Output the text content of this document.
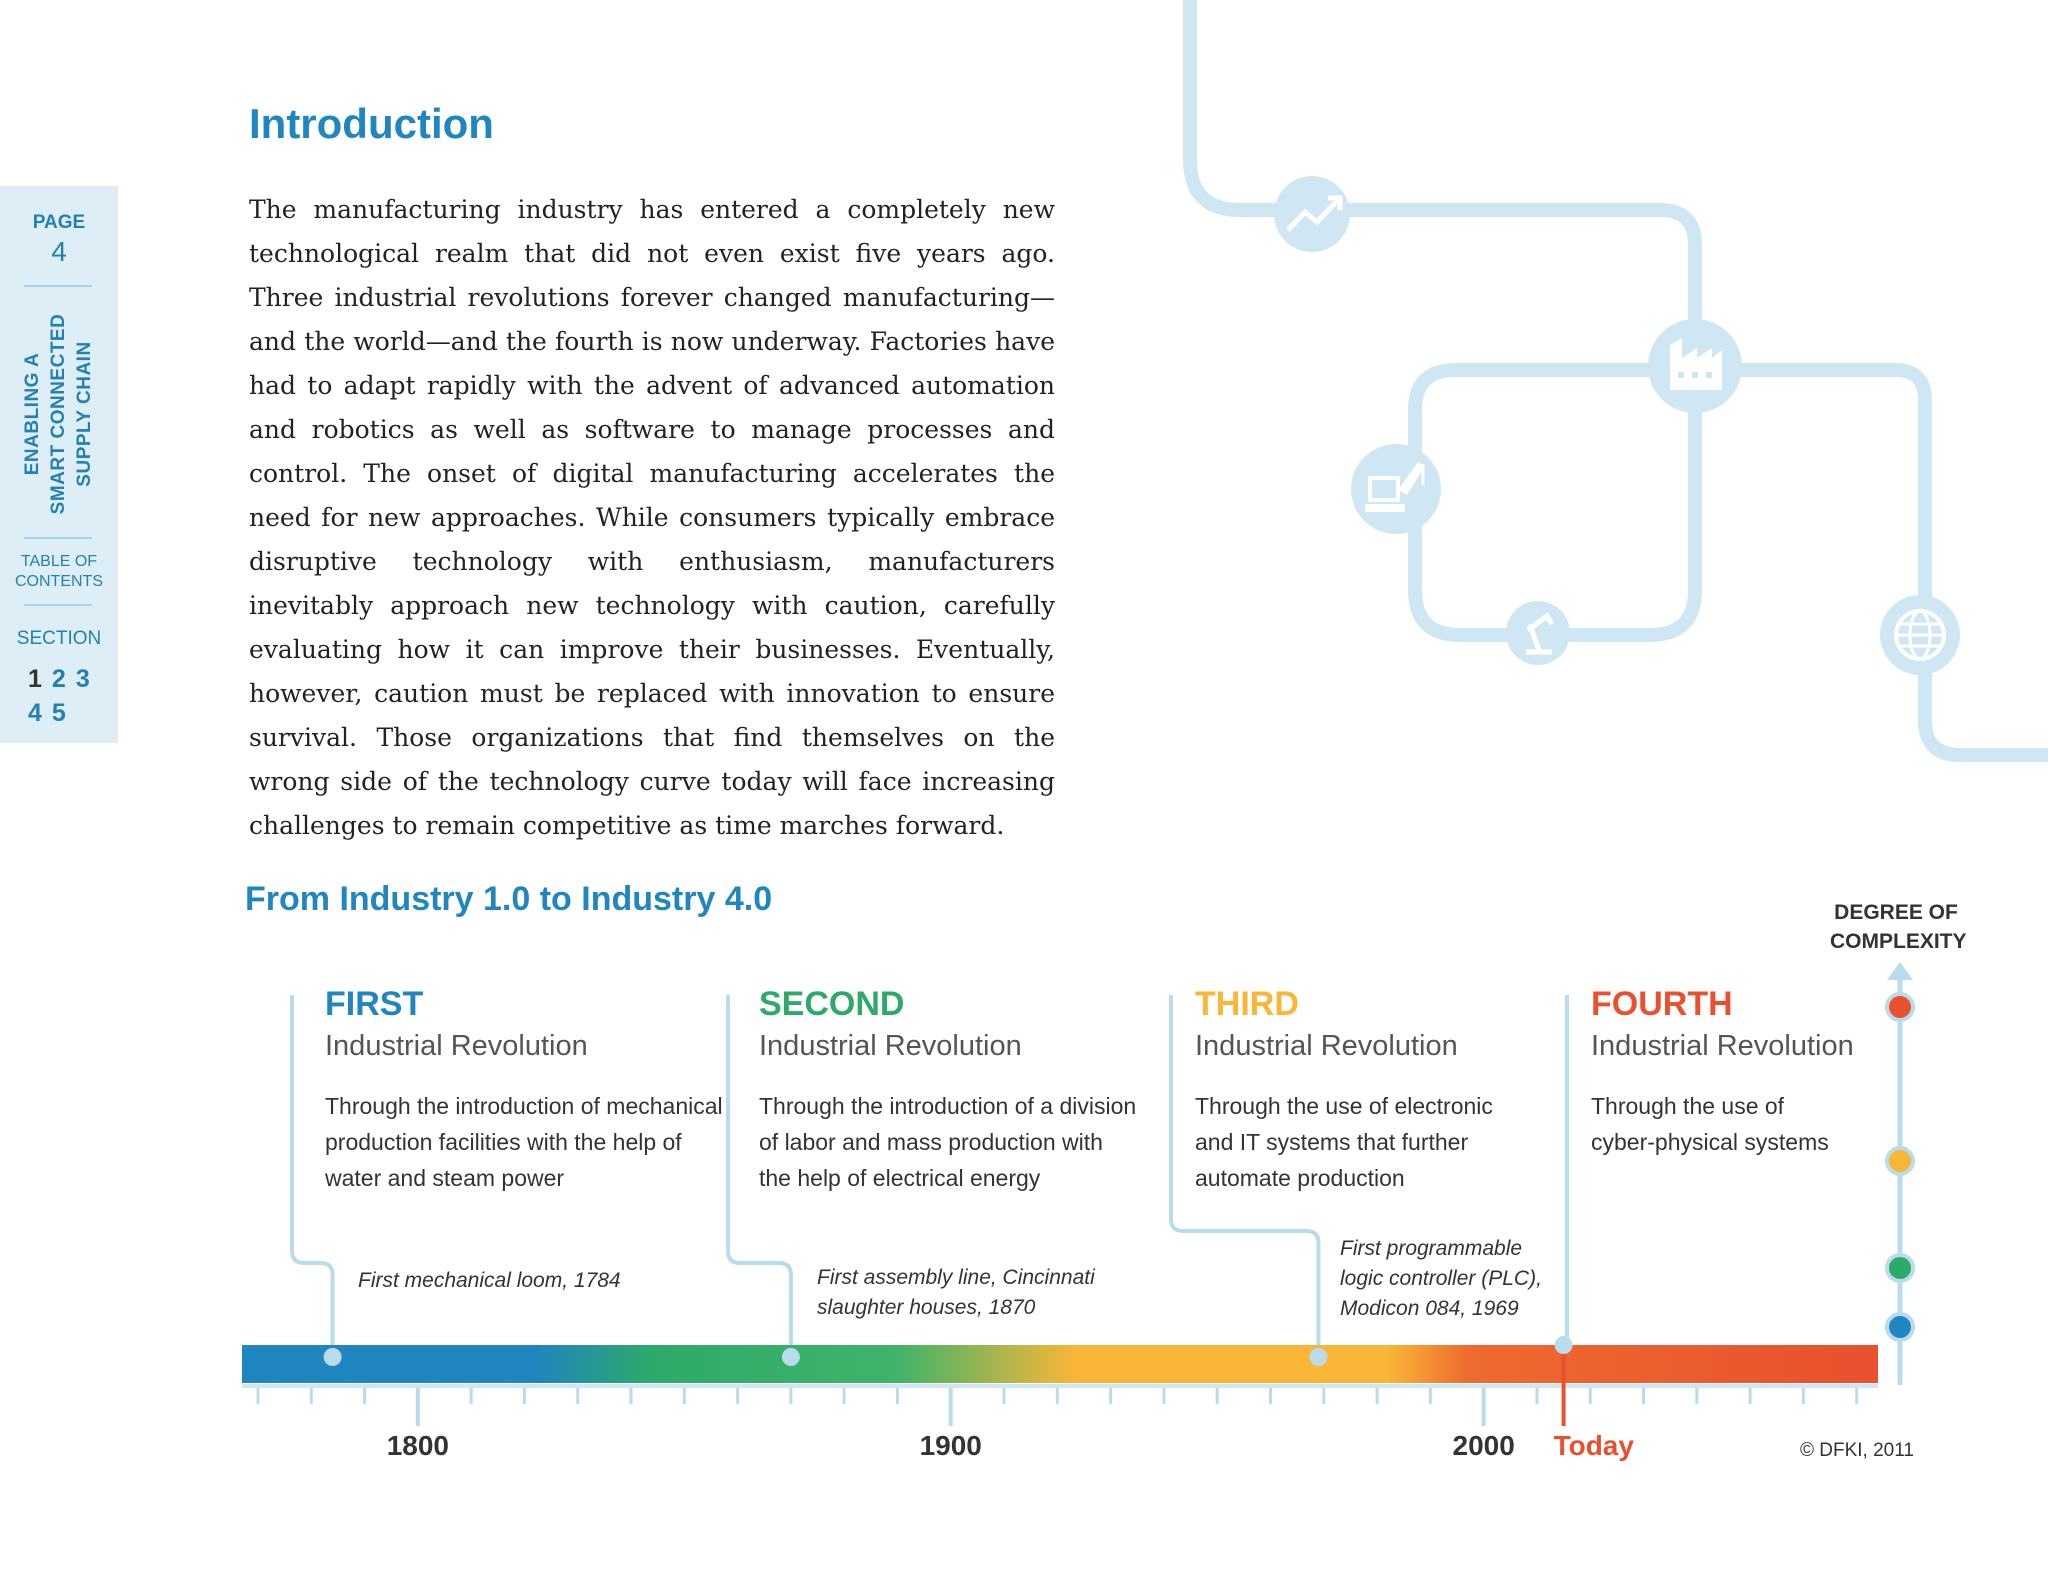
PAGE
4
ENABLING A SMART CONNECTED SUPPLY CHAIN
TABLE OF
CONTENTS
SECTION
1 2 3
4 5
Introduction

The manufacturing industry has entered a completely new technological realm that did not even exist five years ago. Three industrial revolutions forever changed manufacturing—and the world—and the fourth is now underway. Factories have had to adapt rapidly with the advent of advanced automation and robotics as well as software to manage processes and control. The onset of digital manufacturing accelerates the need for new approaches. While consumers typically embrace disruptive technology with enthusiasm, manufacturers inevitably approach new technology with caution, carefully evaluating how it can improve their businesses. Eventually, however, caution must be replaced with innovation to ensure survival. Those organizations that find themselves on the wrong side of the technology curve today will face increasing challenges to remain competitive as time marches forward.

From Industry 1.0 to Industry 4.0	DEGREE OF
COMPLEXITY
FIRST
Industrial Revolution
Through the introduction of mechanical production facilities with the help of water and steam power
First mechanical loom, 1784
SECOND
Industrial Revolution
Through the introduction of a division of labor and mass production with the help of electrical energy
First assembly line, Cincinnati
slaughter houses, 1870
THIRD
Industrial Revolution
Through the use of electronic and IT systems that further automate production
First programmable
logic controller (PLC),
Modicon 084, 1969
FOURTH
Industrial Revolution
Through the use of cyber-physical systems
1800	1900	2000 Today	© DFKI, 2011
